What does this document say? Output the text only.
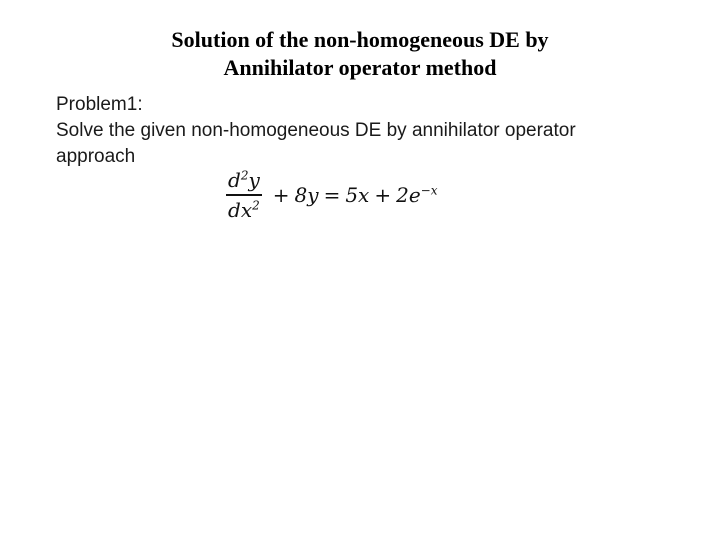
Solution of the non-homogeneous DE by
Annihilator operator method
Problem1:
Solve the given non-homogeneous DE by annihilator operator
approach
$\frac{d^2y}{dx^2} + 8y = 5x + 2e^{-x}$
